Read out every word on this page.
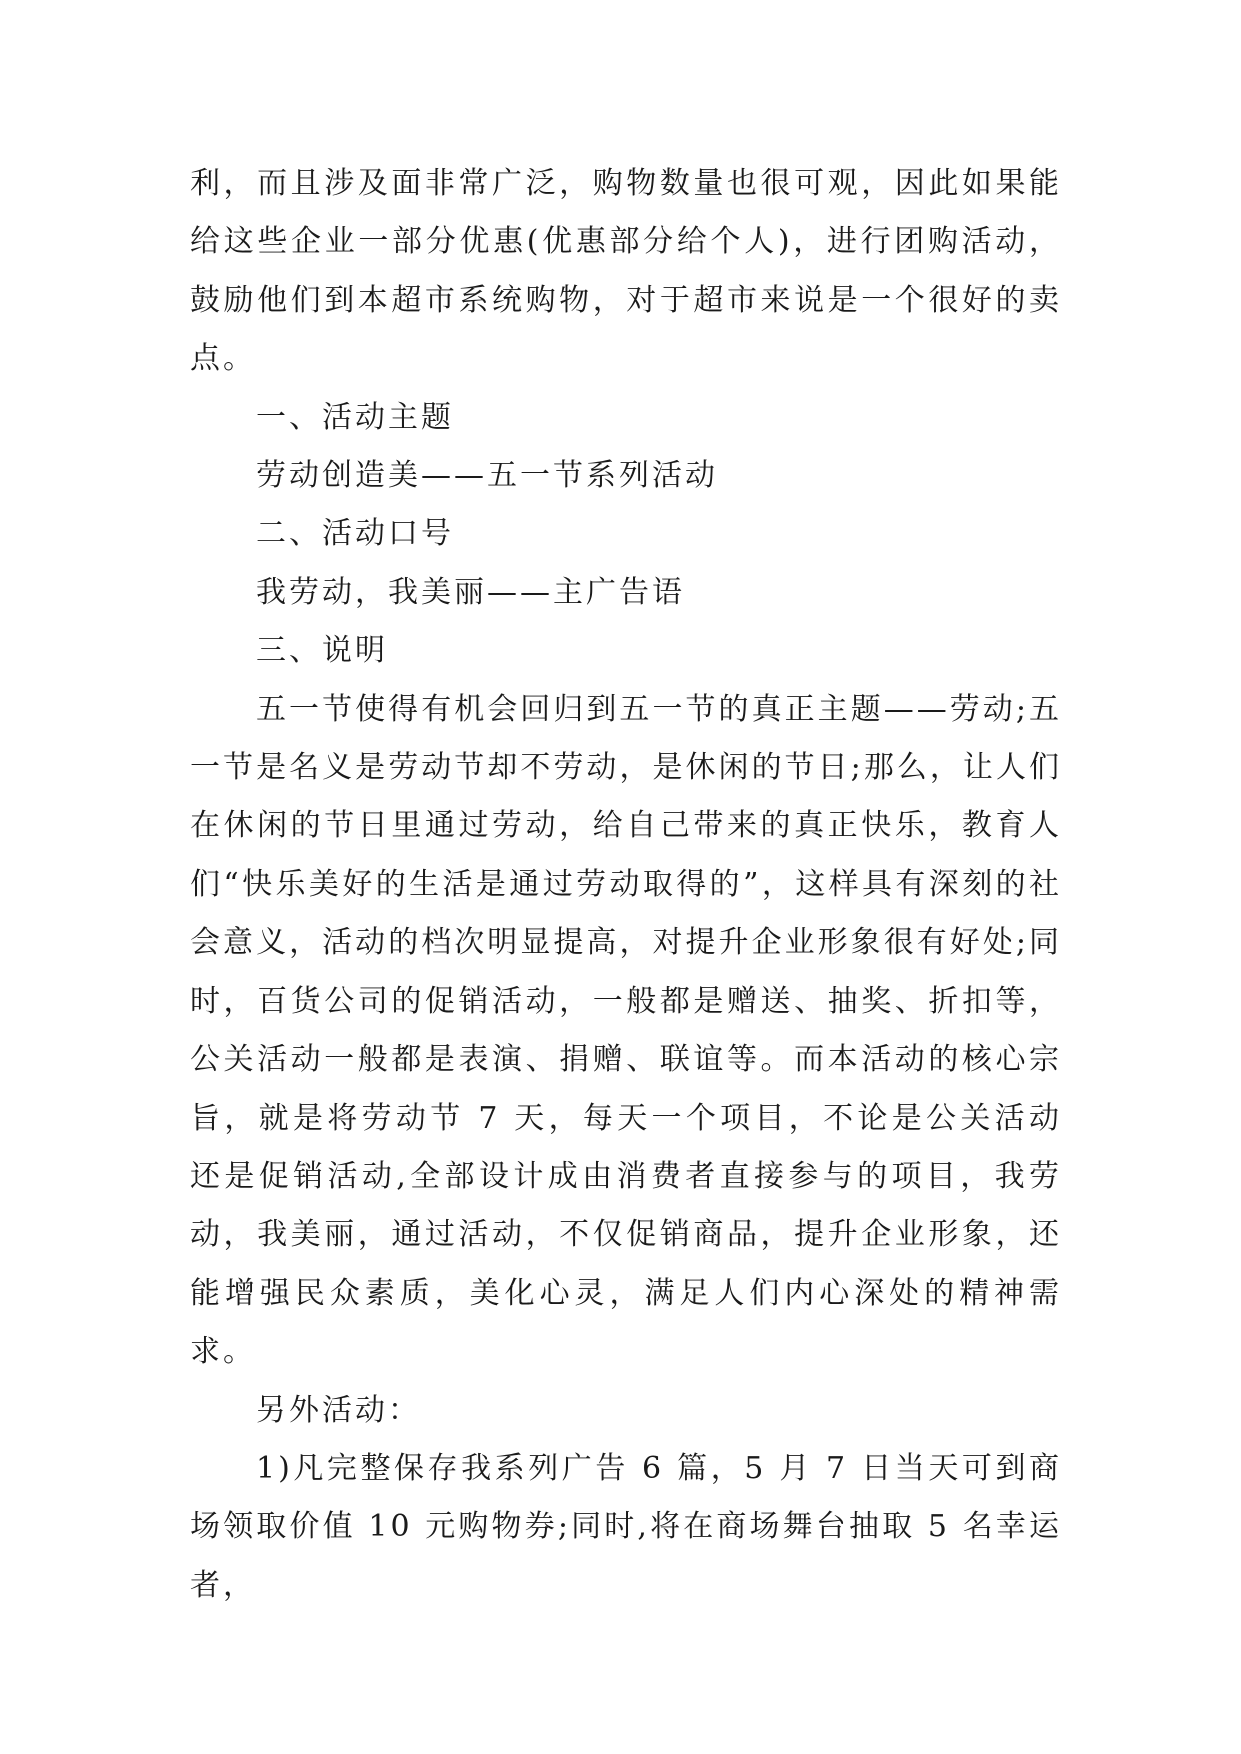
利，而且涉及面非常广泛，购物数量也很可观，因此如果能给这些企业一部分优惠(优惠部分给个人)，进行团购活动，鼓励他们到本超市系统购物，对于超市来说是一个很好的卖点。

一、活动主题

劳动创造美——五一节系列活动

二、活动口号

我劳动，我美丽——主广告语

三、说明

五一节使得有机会回归到五一节的真正主题——劳动;五一节是名义是劳动节却不劳动，是休闲的节日;那么，让人们在休闲的节日里通过劳动，给自己带来的真正快乐，教育人们“快乐美好的生活是通过劳动取得的”，这样具有深刻的社会意义，活动的档次明显提高，对提升企业形象很有好处;同时，百货公司的促销活动，一般都是赠送、抽奖、折扣等，公关活动一般都是表演、捐赠、联谊等。而本活动的核心宗旨，就是将劳动节 7 天，每天一个项目，不论是公关活动还是促销活动,全部设计成由消费者直接参与的项目，我劳动，我美丽，通过活动，不仅促销商品，提升企业形象，还能增强民众素质，美化心灵，满足人们内心深处的精神需求。

另外活动：

1)凡完整保存我系列广告 6 篇，5 月 7 日当天可到商场领取价值 10 元购物券;同时,将在商场舞台抽取 5 名幸运者，
